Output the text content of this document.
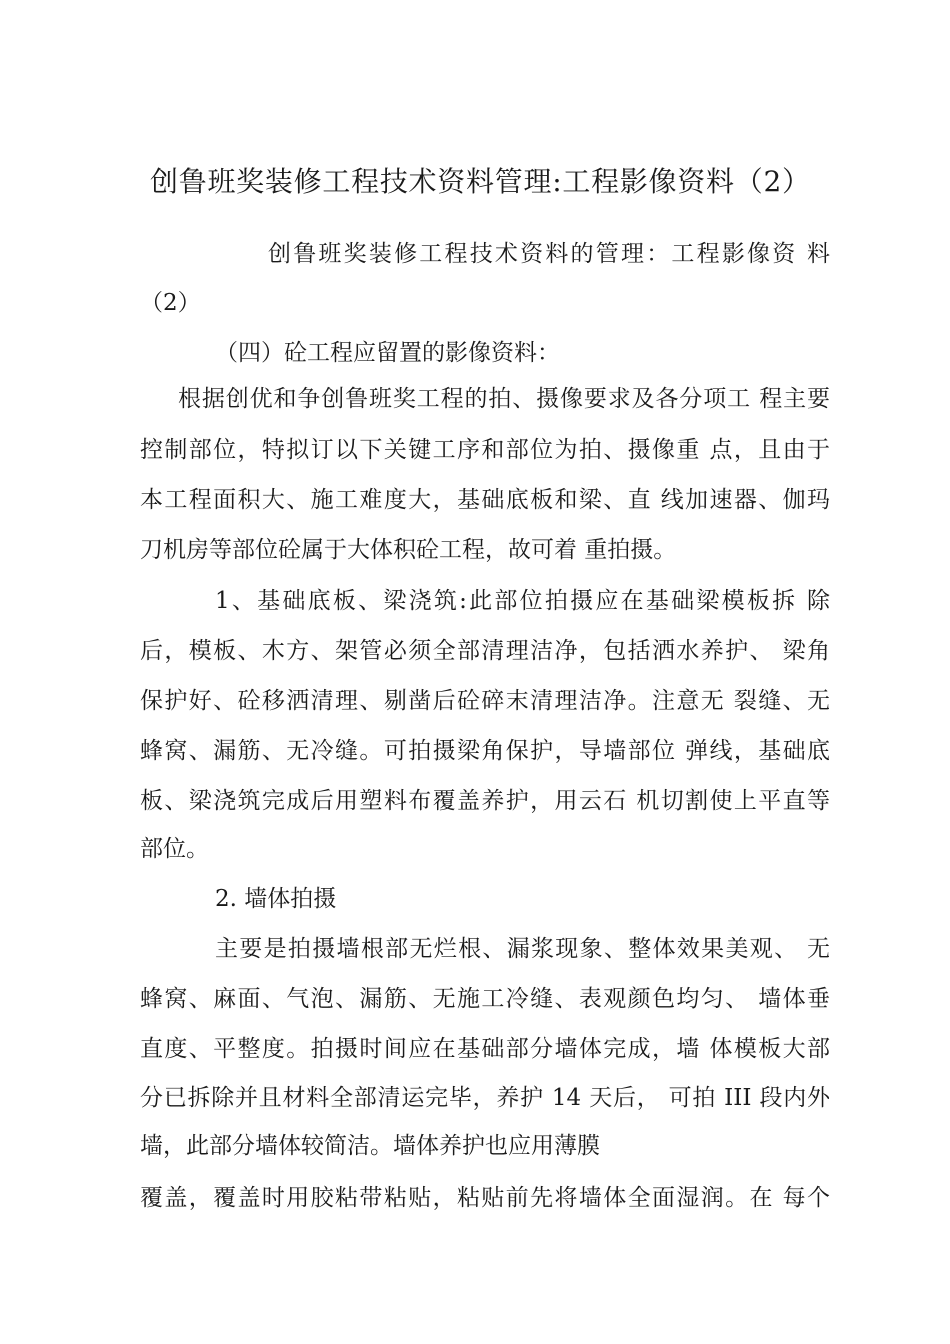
创鲁班奖装修工程技术资料管理:工程影像资料（2）
创鲁班奖装修工程技术资料的管理：工程影像资 料
（2）
（四）砼工程应留置的影像资料：
根据创优和争创鲁班奖工程的拍、摄像要求及各分项工 程主要
控制部位，特拟订以下关键工序和部位为拍、摄像重 点，且由于
本工程面积大、施工难度大，基础底板和梁、直 线加速器、伽玛
刀机房等部位砼属于大体积砼工程，故可着 重拍摄。
1、基础底板、梁浇筑:此部位拍摄应在基础梁模板拆 除
后，模板、木方、架管必须全部清理洁净，包括洒水养护、 梁角
保护好、砼移洒清理、剔凿后砼碎末清理洁净。注意无 裂缝、无
蜂窝、漏筋、无冷缝。可拍摄梁角保护，导墙部位 弹线，基础底
板、梁浇筑完成后用塑料布覆盖养护，用云石 机切割使上平直等
部位。
2. 墙体拍摄
主要是拍摄墙根部无烂根、漏浆现象、整体效果美观、 无
蜂窝、麻面、气泡、漏筋、无施工冷缝、表观颜色均匀、 墙体垂
直度、平整度。拍摄时间应在基础部分墙体完成，墙 体模板大部
分已拆除并且材料全部清运完毕，养护 14 天后， 可拍 III 段内外
墙，此部分墙体较简洁。墙体养护也应用薄膜
覆盖，覆盖时用胶粘带粘贴，粘贴前先将墙体全面湿润。在 每个
